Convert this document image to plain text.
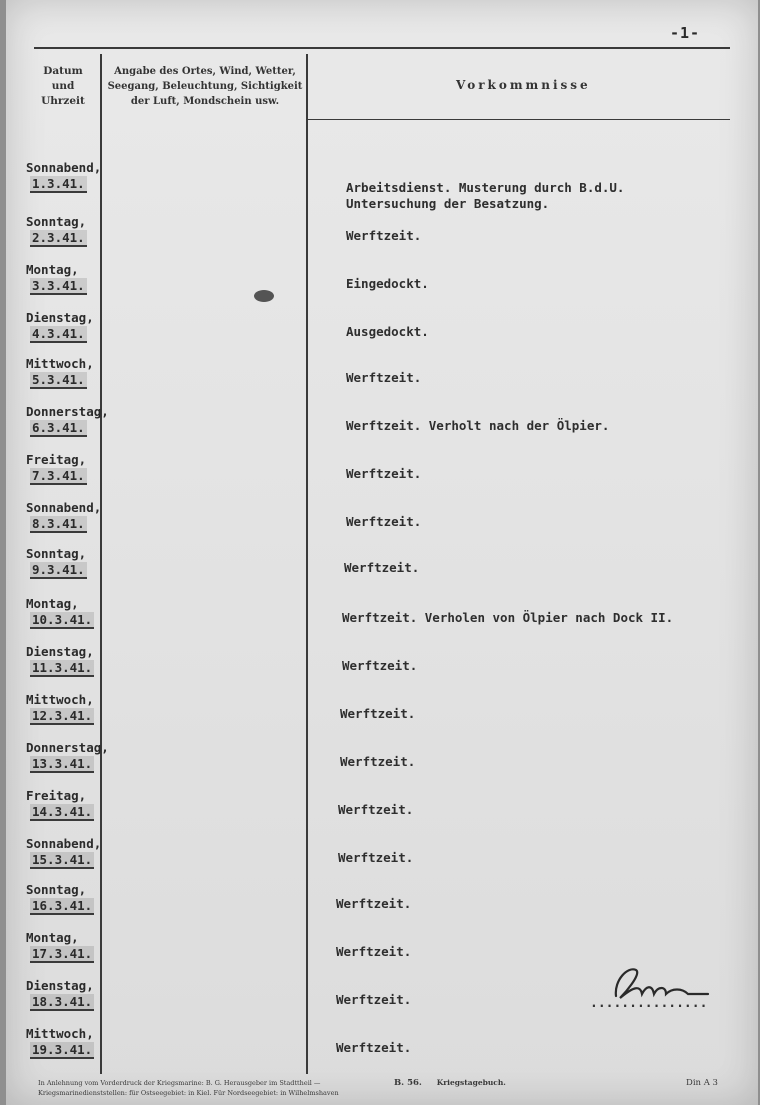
-1-
Datum
und
Uhrzeit
Angabe des Ortes, Wind, Wetter,
Seegang, Beleuchtung, Sichtigkeit
der Luft, Mondschein usw.
Vorkommnisse
Sonnabend,
1.3.41.	Arbeitsdienst. Musterung durch B.d.U.
Untersuchung der Besatzung.
Sonntag,
2.3.41.	Werftzeit.
Montag,
3.3.41.	Eingedockt.
Dienstag,
4.3.41.	Ausgedockt.
Mittwoch,
5.3.41.	Werftzeit.
Donnerstag,
6.3.41.	Werftzeit. Verholt nach der Ölpier.
Freitag,
7.3.41.	Werftzeit.
Sonnabend,
8.3.41.	Werftzeit.
Sonntag,
9.3.41.	Werftzeit.
Montag,
10.3.41.	Werftzeit. Verholen von Ölpier nach Dock II.
Dienstag,
11.3.41.	Werftzeit.
Mittwoch,
12.3.41.	Werftzeit.
Donnerstag,
13.3.41.	Werftzeit.
Freitag,
14.3.41.	Werftzeit.
Sonnabend,
15.3.41.	Werftzeit.
Sonntag,
16.3.41.	Werftzeit.
Montag,
17.3.41.	Werftzeit.
Dienstag,
18.3.41.	Werftzeit.
Mittwoch,
19.3.41.	Werftzeit.
...............
In Anlehnung vom Vorderdruck der Kriegsmarine: B. G. Herausgeber im Stadttheil — Kriegsmarinedienststellen: für Ostseegebiet: in Kiel. Für Nordseegebiet: in Wilhelmshaven
B. 56. Kriegstagebuch.	Din A 3
